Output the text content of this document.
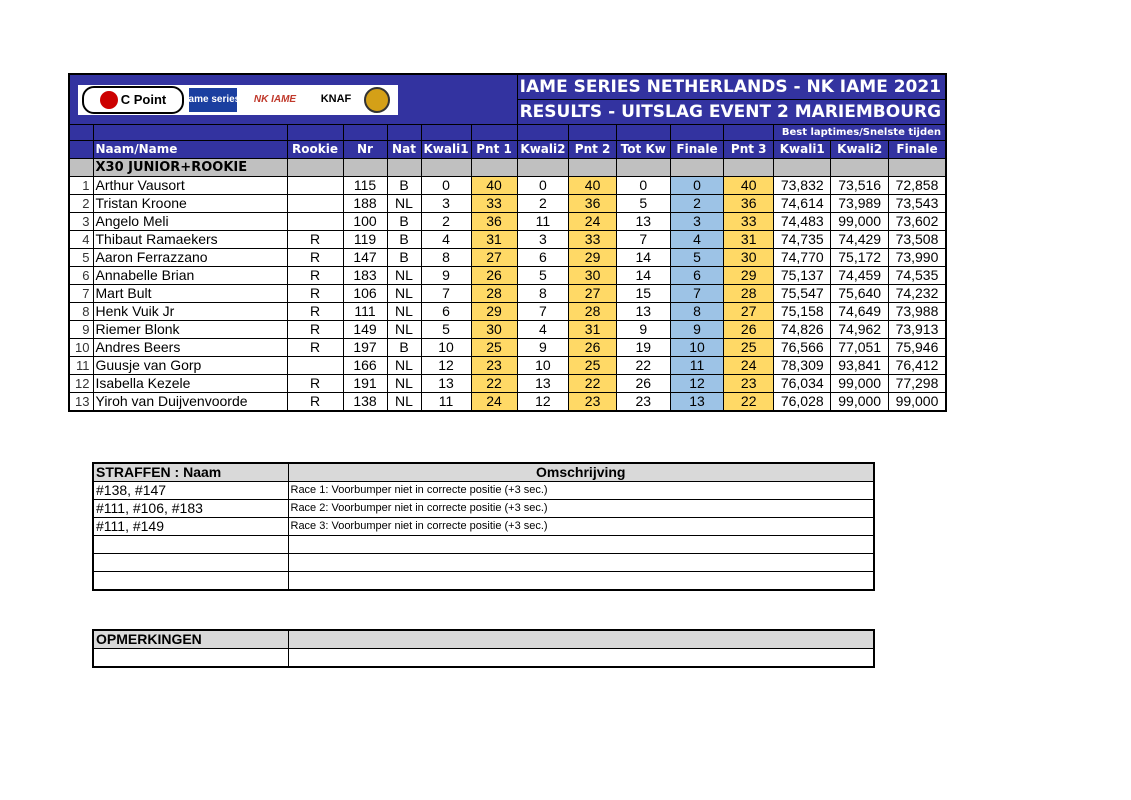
C Point iame series NK IAME KNAF							IAME SERIES NETHERLANDS - NK IAME 2021							
							RESULTS - UITSLAG EVENT 2 MARIEMBOURG							
												Best laptimes/Snelste tijden		
	Naam/Name	Rookie	Nr	Nat	Kwali1	Pnt 1	Kwali2	Pnt 2	Tot Kw	Finale	Pnt 3	Kwali1	Kwali2	Finale
	X30 JUNIOR+ROOKIE													
1	Arthur Vausort		115	B	0	40	0	40	0	0	40	73,832	73,516	72,858
2	Tristan Kroone		188	NL	3	33	2	36	5	2	36	74,614	73,989	73,543
3	Angelo Meli		100	B	2	36	11	24	13	3	33	74,483	99,000	73,602
4	Thibaut Ramaekers	R	119	B	4	31	3	33	7	4	31	74,735	74,429	73,508
5	Aaron Ferrazzano	R	147	B	8	27	6	29	14	5	30	74,770	75,172	73,990
6	Annabelle Brian	R	183	NL	9	26	5	30	14	6	29	75,137	74,459	74,535
7	Mart Bult	R	106	NL	7	28	8	27	15	7	28	75,547	75,640	74,232
8	Henk Vuik Jr	R	111	NL	6	29	7	28	13	8	27	75,158	74,649	73,988
9	Riemer Blonk	R	149	NL	5	30	4	31	9	9	26	74,826	74,962	73,913
10	Andres Beers	R	197	B	10	25	9	26	19	10	25	76,566	77,051	75,946
11	Guusje van Gorp		166	NL	12	23	10	25	22	11	24	78,309	93,841	76,412
12	Isabella Kezele	R	191	NL	13	22	13	22	26	12	23	76,034	99,000	77,298
13	Yiroh van Duijvenvoorde	R	138	NL	11	24	12	23	23	13	22	76,028	99,000	99,000
STRAFFEN : Naam	Omschrijving
#138, #147	Race 1: Voorbumper niet in correcte positie (+3 sec.)
#111, #106, #183	Race 2: Voorbumper niet in correcte positie (+3 sec.)
#111, #149	Race 3: Voorbumper niet in correcte positie (+3 sec.)

OPMERKINGEN	
